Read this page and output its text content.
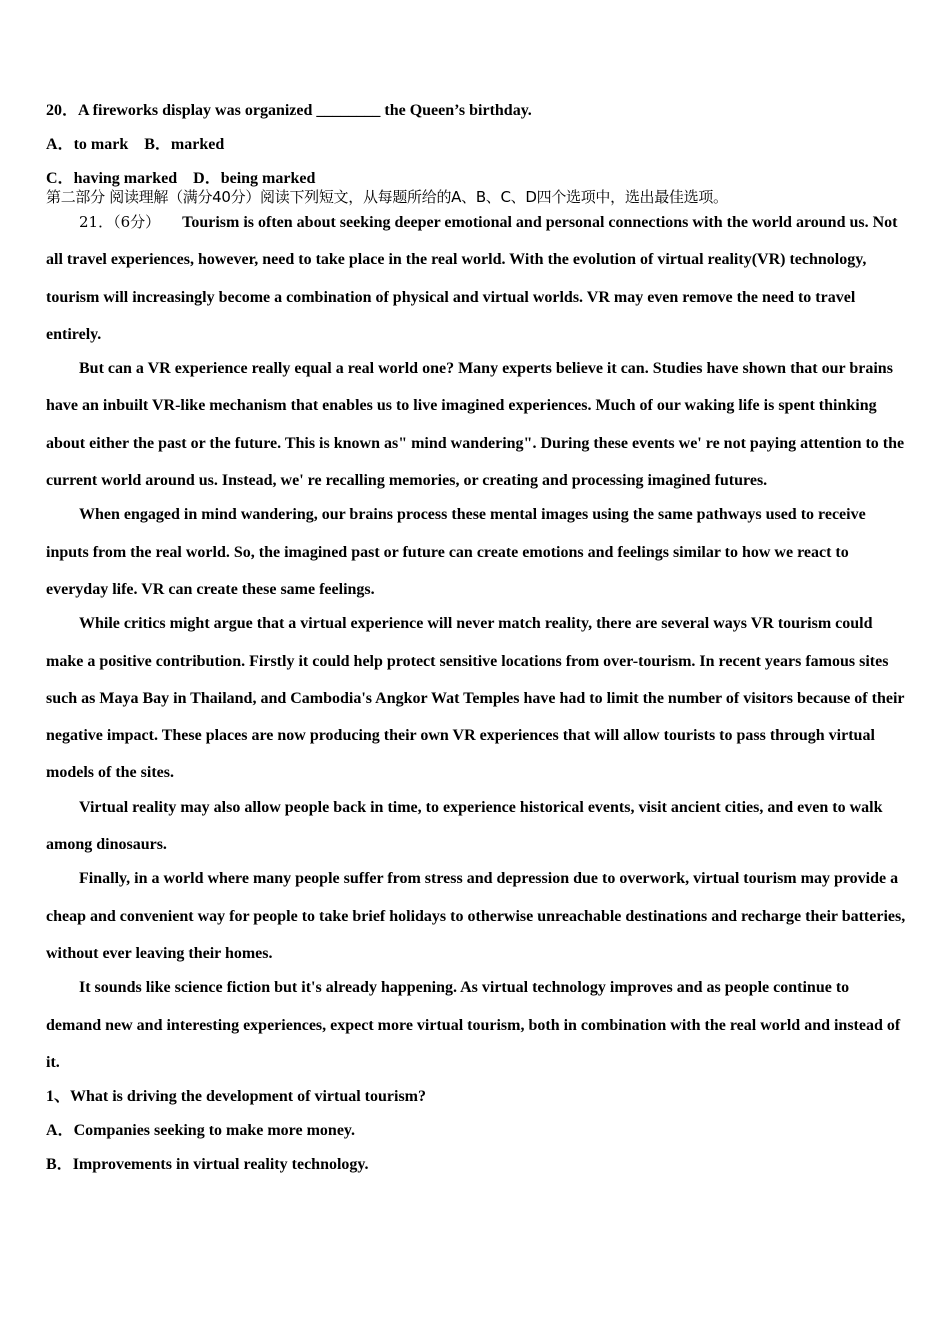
20．A fireworks display was organized ________ the Queen’s birthday.
A．to mark B．marked
C．having marked D．being marked
第二部分 阅读理解（满分40分）阅读下列短文，从每题所给的A、B、C、D四个选项中，选出最佳选项。

21．（6分） Tourism is often about seeking deeper emotional and personal connections with the world around us. Not all travel experiences, however, need to take place in the real world. With the evolution of virtual reality(VR) technology, tourism will increasingly become a combination of physical and virtual worlds. VR may even remove the need to travel entirely.

But can a VR experience really equal a real world one? Many experts believe it can. Studies have shown that our brains have an inbuilt VR-like mechanism that enables us to live imagined experiences. Much of our waking life is spent thinking about either the past or the future. This is known as" mind wandering". During these events we' re not paying attention to the current world around us. Instead, we' re recalling memories, or creating and processing imagined futures.

When engaged in mind wandering, our brains process these mental images using the same pathways used to receive inputs from the real world. So, the imagined past or future can create emotions and feelings similar to how we react to everyday life. VR can create these same feelings.

While critics might argue that a virtual experience will never match reality, there are several ways VR tourism could make a positive contribution. Firstly it could help protect sensitive locations from over-tourism. In recent years famous sites such as Maya Bay in Thailand, and Cambodia's Angkor Wat Temples have had to limit the number of visitors because of their negative impact. These places are now producing their own VR experiences that will allow tourists to pass through virtual models of the sites.

Virtual reality may also allow people back in time, to experience historical events, visit ancient cities, and even to walk among dinosaurs.

Finally, in a world where many people suffer from stress and depression due to overwork, virtual tourism may provide a cheap and convenient way for people to take brief holidays to otherwise unreachable destinations and recharge their batteries, without ever leaving their homes.

It sounds like science fiction but it's already happening. As virtual technology improves and as people continue to demand new and interesting experiences, expect more virtual tourism, both in combination with the real world and instead of it.

1、What is driving the development of virtual tourism?
A．Companies seeking to make more money.
B．Improvements in virtual reality technology.
